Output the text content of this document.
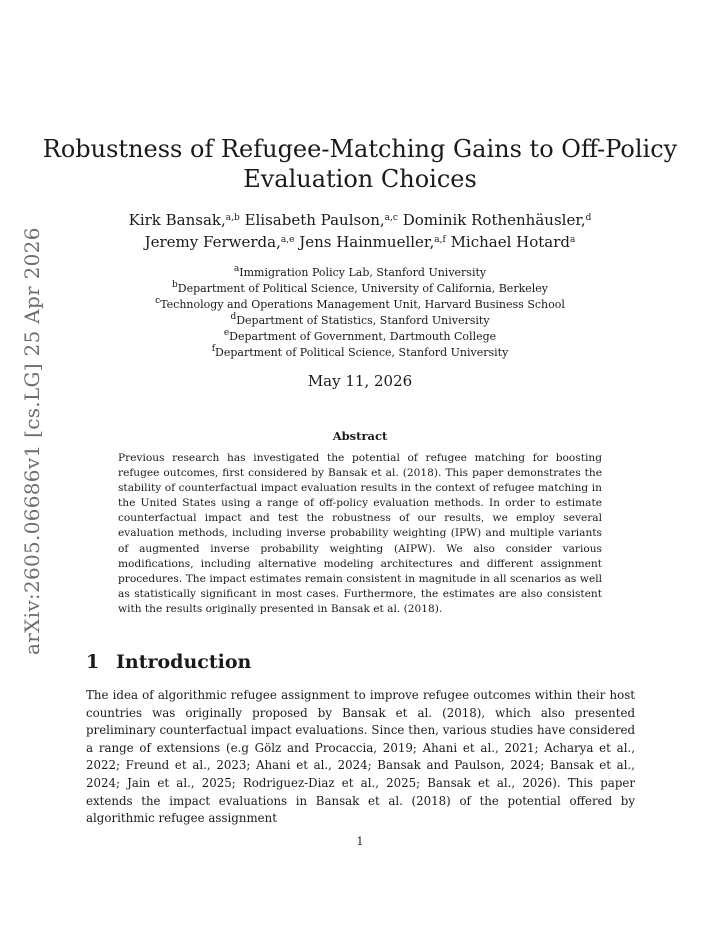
arXiv:2605.06686v1 [cs.LG] 25 Apr 2026
Robustness of Refugee-Matching Gains to Off-Policy Evaluation Choices
Kirk Bansak,$^{a,b}$ Elisabeth Paulson,$^{a,c}$ Dominik Rothenhäusler,$^d$
Jeremy Ferwerda,$^{a,e}$ Jens Hainmueller,$^{a,f}$ Michael Hotard$^a$
$^a$Immigration Policy Lab, Stanford University
$^b$Department of Political Science, University of California, Berkeley
$^c$Technology and Operations Management Unit, Harvard Business School
$^d$Department of Statistics, Stanford University
$^e$Department of Government, Dartmouth College
$^f$Department of Political Science, Stanford University
May 11, 2026
Abstract

Previous research has investigated the potential of refugee matching for boosting refugee outcomes, first considered by Bansak et al. (2018). This paper demonstrates the stability of counterfactual impact evaluation results in the context of refugee matching in the United States using a range of off-policy evaluation methods. In order to estimate counterfactual impact and test the robustness of our results, we employ several evaluation methods, including inverse probability weighting (IPW) and multiple variants of augmented inverse probability weighting (AIPW). We also consider various modifications, including alternative modeling architectures and different assignment procedures. The impact estimates remain consistent in magnitude in all scenarios as well as statistically significant in most cases. Furthermore, the estimates are also consistent with the results originally presented in Bansak et al. (2018).

1 Introduction

The idea of algorithmic refugee assignment to improve refugee outcomes within their host countries was originally proposed by Bansak et al. (2018), which also presented preliminary counterfactual impact evaluations. Since then, various studies have considered a range of extensions (e.g Gölz and Procaccia, 2019; Ahani et al., 2021; Acharya et al., 2022; Freund et al., 2023; Ahani et al., 2024; Bansak and Paulson, 2024; Bansak et al., 2024; Jain et al., 2025; Rodriguez-Diaz et al., 2025; Bansak et al., 2026). This paper extends the impact evaluations in Bansak et al. (2018) of the potential offered by algorithmic refugee assignment

1
